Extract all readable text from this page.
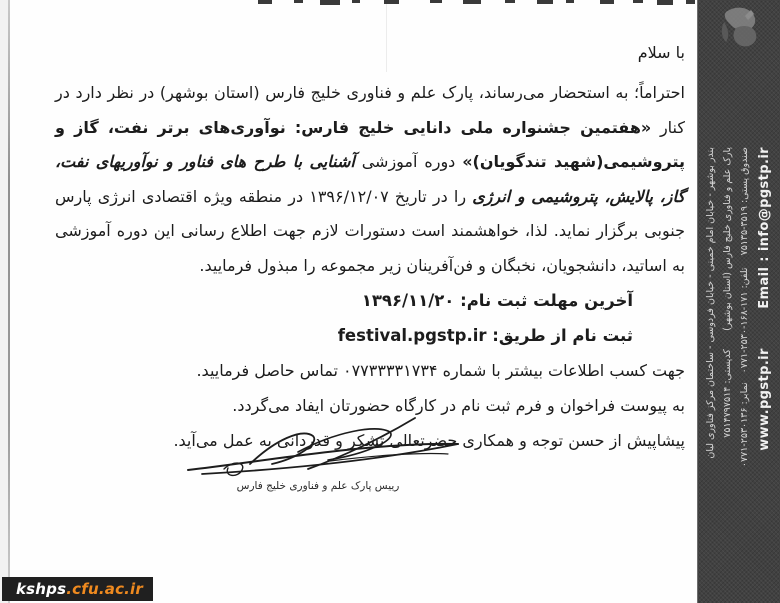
با سلام
احتراماً؛ به استحضار می‌رساند، پارک علم و فناوری خلیج فارس (استان بوشهر) در نظر دارد در کنار «هفتمین جشنواره ملی دانایی خلیج فارس: نوآوری‌های برتر نفت، گاز و پتروشیمی(شهید تندگویان)» دوره آموزشی آشنایی با طرح های فناور و نوآوریهای نفت، گاز، پالایش، پتروشیمی و انرژی را در تاریخ ۱۳۹۶/۱۲/۰۷ در منطقه ویژه اقتصادی انرژی پارس جنوبی برگزار نماید. لذا، خواهشمند است دستورات لازم جهت اطلاع رسانی این دوره آموزشی به اساتید، دانشجویان، نخبگان و فن‌آفرینان زیر مجموعه را مبذول فرمایید.
آخرین مهلت ثبت نام: ۱۳۹۶/۱۱/۲۰
ثبت نام از طریق: festival.pgstp.ir
جهت کسب اطلاعات بیشتر با شماره ۰۷۷۳۳۳۳۱۷۳۴ تماس حاصل فرمایید.
به پیوست فراخوان و فرم ثبت نام در کارگاه حضورتان ایفاد می‌گردد.
پیشاپیش از حسن توجه و همکاری حضرتعالی تشکر و قدردانی به عمل می‌آید.
رییس پارک علم و فناوری خلیج فارس
بندر بوشهر - خیابان امام خمینی - خیابان فردوسی - ساختمان مرکز فناوری لیان پارک علم و فناوری خلیج فارس (استان بوشهر)      کدپستی: ۷۵۱۴۷۹۷۵۱۴
صندوق پستی: ۳۵۱۹-۷۵۱۳۵    تلفن: ۱۷۱-۱۶۸-۲۵۳۰-۰۷۷۱   نمابر: ۲۵۳۰۱۳۶-۰۷۷۱ www.pgstp.ir        Email : info@pgstp.ir
kshps .cfu.ac.ir
